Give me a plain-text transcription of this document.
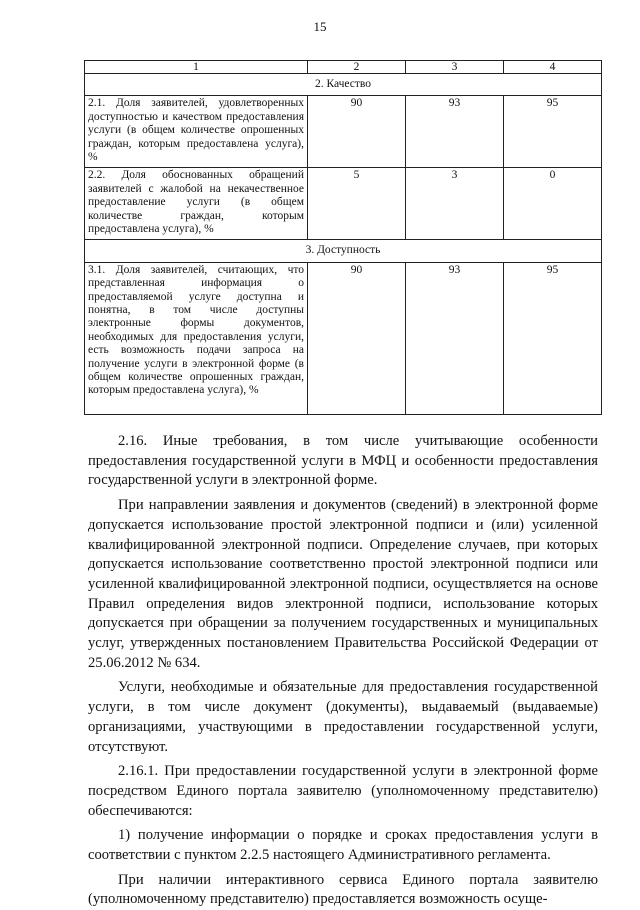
15
1	2	3	4
2. Качество			
2.1. Доля заявителей, удовлетворенных доступностью и качеством предоставления услуги (в общем количестве опрошенных граждан, которым предоставлена услуга), %	90	93	95
2.2. Доля обоснованных обращений заявителей с жалобой на некачественное предоставление услуги (в общем количестве граждан, которым предоставлена услуга), %	5	3	0
3. Доступность			
3.1. Доля заявителей, считающих, что представленная информация о предоставляемой услуге доступна и понятна, в том числе доступны электронные формы документов, необходимых для предоставления услуги, есть возможность подачи запроса на получение услуги в электронной форме (в общем количестве опрошенных граждан, которым предоставлена услуга), %	90	93	95

2.16. Иные требования, в том числе учитывающие особенности предоставления государственной услуги в МФЦ и особенности предоставления государственной услуги в электронной форме.

При направлении заявления и документов (сведений) в электронной форме допускается использование простой электронной подписи и (или) усиленной квалифицированной электронной подписи. Определение случаев, при которых допускается использование соответственно простой электронной подписи или усиленной квалифицированной электронной подписи, осуществляется на основе Правил определения видов электронной подписи, использование которых допускается при обращении за получением государственных и муниципальных услуг, утвержденных постановлением Правительства Российской Федерации от 25.06.2012 № 634.

Услуги, необходимые и обязательные для предоставления государственной услуги, в том числе документ (документы), выдаваемый (выдаваемые) организациями, участвующими в предоставлении государственной услуги, отсутствуют.

2.16.1. При предоставлении государственной услуги в электронной форме посредством Единого портала заявителю (уполномоченному представителю) обеспечиваются:

1) получение информации о порядке и сроках предоставления услуги в соответствии с пунктом 2.2.5 настоящего Административного регламента.

При наличии интерактивного сервиса Единого портала заявителю (уполномоченному представителю) предоставляется возможность осуще-
